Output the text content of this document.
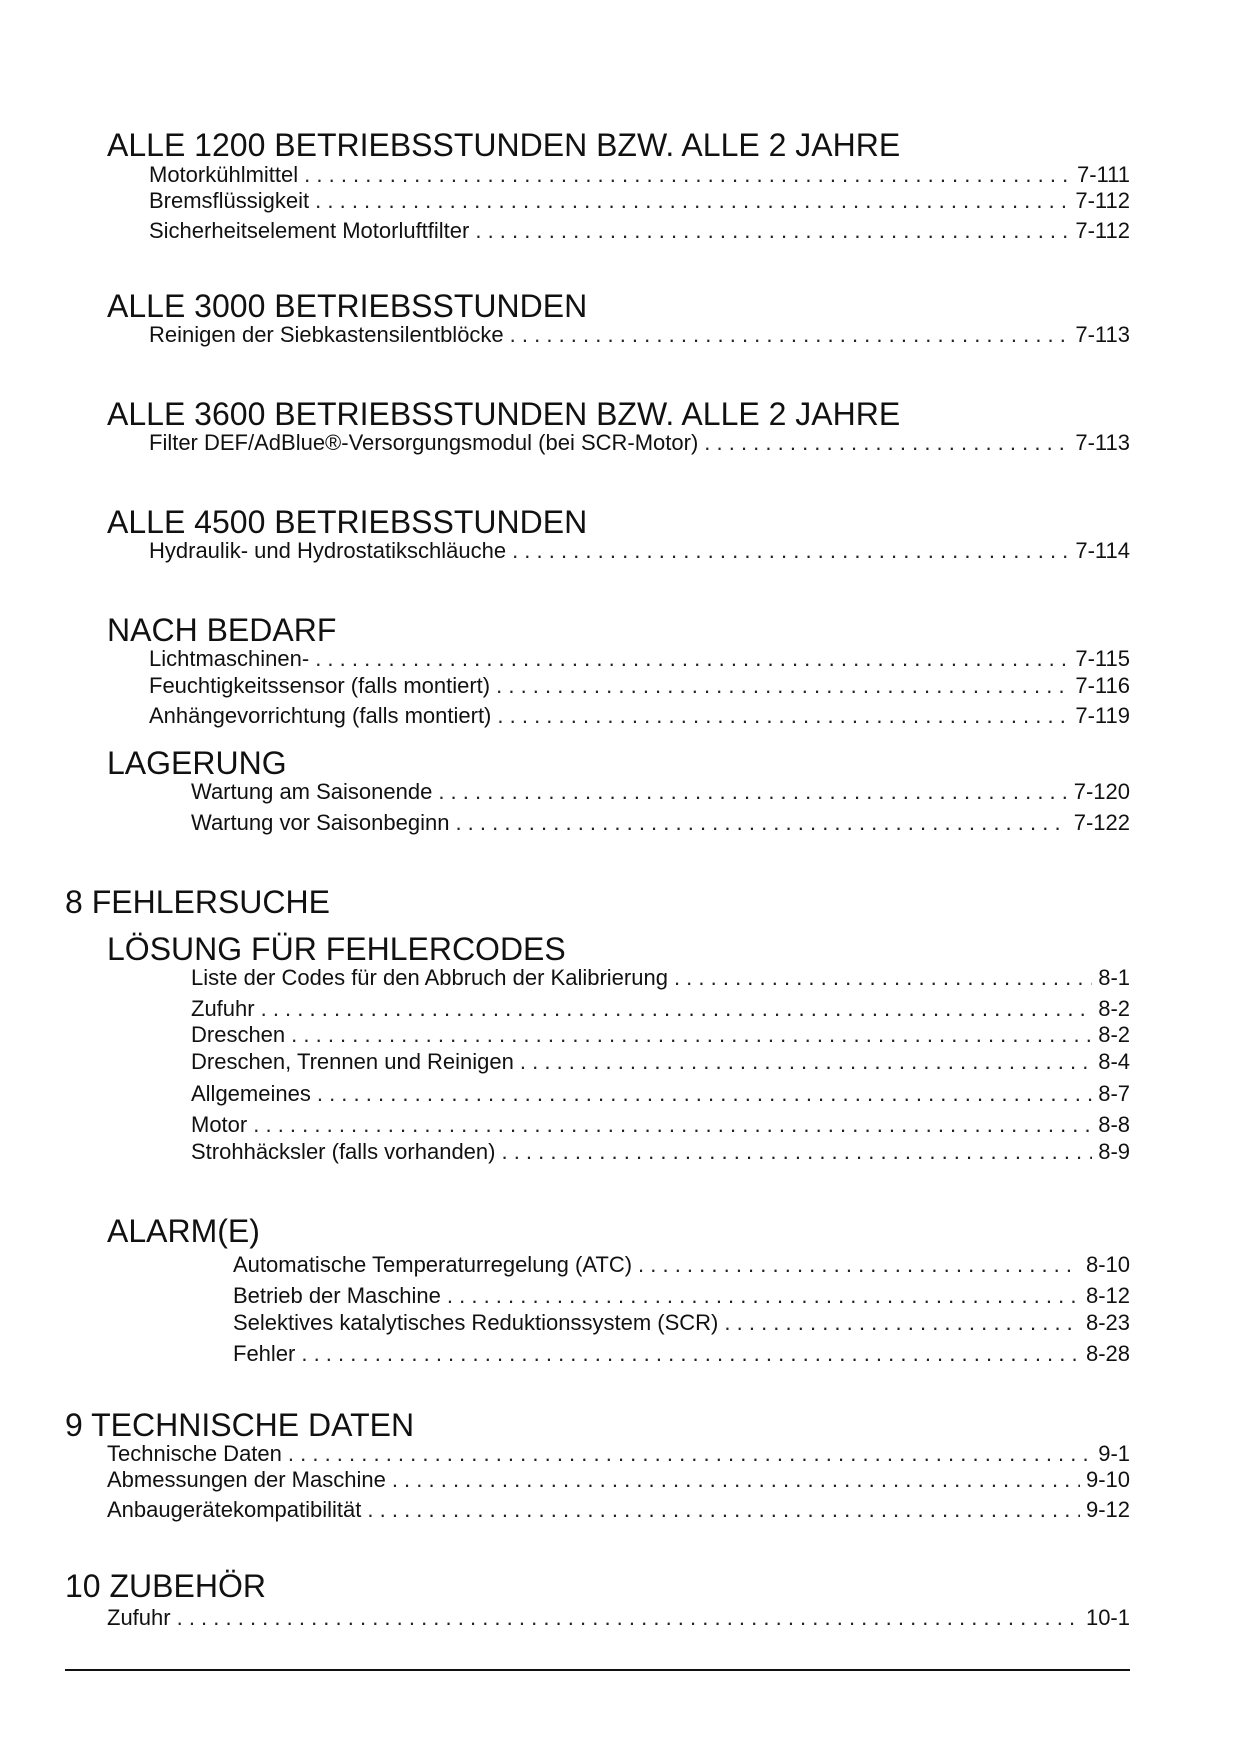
ALLE 1200 BETRIEBSSTUNDEN BZW. ALLE 2 JAHRE
Motorkühlmittel . . .	7-111
Bremsflüssigkeit . . .	7-112
Sicherheitselement Motorluftfilter . . .	7-112
ALLE 3000 BETRIEBSSTUNDEN
Reinigen der Siebkastensilentblöcke . . .	7-113
ALLE 3600 BETRIEBSSTUNDEN BZW. ALLE 2 JAHRE
Filter DEF/AdBlue®-Versorgungsmodul (bei SCR-Motor) . . .	7-113
ALLE 4500 BETRIEBSSTUNDEN
Hydraulik- und Hydrostatikschläuche . . .	7-114
NACH BEDARF
Lichtmaschinen- . . .	7-115
Feuchtigkeitssensor (falls montiert) . . .	7-116
Anhängevorrichtung (falls montiert) . . .	7-119
LAGERUNG
Wartung am Saisonende . . .	7-120
Wartung vor Saisonbeginn . . .	7-122
8 FEHLERSUCHE
LÖSUNG FÜR FEHLERCODES
Liste der Codes für den Abbruch der Kalibrierung . . .	8-1
Zufuhr . . .	8-2
Dreschen . . .	8-2
Dreschen, Trennen und Reinigen . . .	8-4
Allgemeines . . .	8-7
Motor . . .	8-8
Strohhäcksler (falls vorhanden) . . .	8-9
ALARM(E)
Automatische Temperaturregelung (ATC) . . .	8-10
Betrieb der Maschine . . .	8-12
Selektives katalytisches Reduktionssystem (SCR) . . .	8-23
Fehler . . .	8-28
9 TECHNISCHE DATEN
Technische Daten . . .	9-1
Abmessungen der Maschine . . .	9-10
Anbaugerätekompatibilität . . .	9-12
10 ZUBEHÖR
Zufuhr . . .	10-1
